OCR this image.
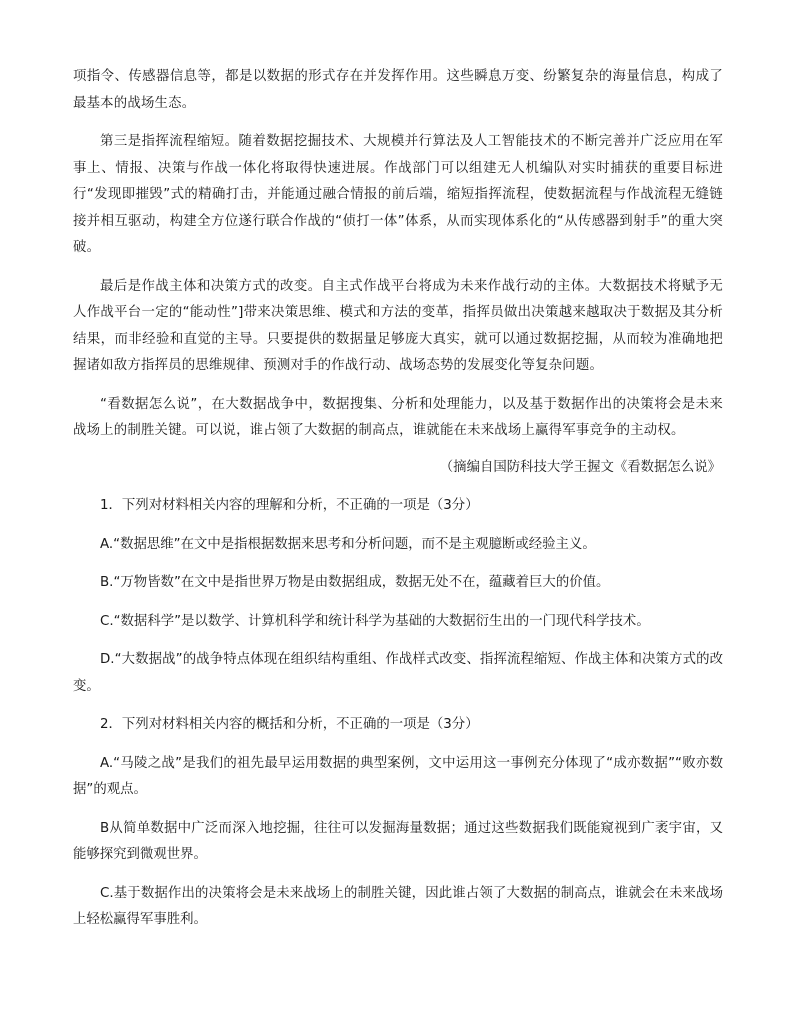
项指令、传感器信息等，都是以数据的形式存在并发挥作用。这些瞬息万变、纷繁复杂的海量信息，构成了最基本的战场生态。

第三是指挥流程缩短。随着数据挖掘技术、大规模并行算法及人工智能技术的不断完善并广泛应用在军事上、情报、决策与作战一体化将取得快速进展。作战部门可以组建无人机编队对实时捕获的重要目标进行“发现即摧毁”式的精确打击，并能通过融合情报的前后端，缩短指挥流程，使数据流程与作战流程无缝链接并相互驱动，构建全方位遂行联合作战的“侦打一体”体系，从而实现体系化的“从传感器到射手”的重大突破。

最后是作战主体和决策方式的改变。自主式作战平台将成为未来作战行动的主体。大数据技术将赋予无人作战平台一定的“能动性”]带来决策思维、模式和方法的变革，指挥员做出决策越来越取决于数据及其分析结果，而非经验和直觉的主导。只要提供的数据量足够庞大真实，就可以通过数据挖掘，从而较为准确地把握诸如敌方指挥员的思维规律、预测对手的作战行动、战场态势的发展变化等复杂问题。

“看数据怎么说”，在大数据战争中，数据搜集、分析和处理能力，以及基于数据作出的决策将会是未来战场上的制胜关键。可以说，谁占领了大数据的制高点，谁就能在未来战场上赢得军事竞争的主动权。

（摘编自国防科技大学王握文《看数据怎么说》

1．下列对材料相关内容的理解和分析，不正确的一项是（3分）

A.“数据思维”在文中是指根据数据来思考和分析问题，而不是主观臆断或经验主义。

B.“万物皆数”在文中是指世界万物是由数据组成，数据无处不在，蕴藏着巨大的价值。

C.“数据科学”是以数学、计算机科学和统计科学为基础的大数据衍生出的一门现代科学技术。

D.“大数据战”的战争特点体现在组织结构重组、作战样式改变、指挥流程缩短、作战主体和决策方式的改变。

2．下列对材料相关内容的概括和分析，不正确的一项是（3分）

A.“马陵之战”是我们的祖先最早运用数据的典型案例，文中运用这一事例充分体现了“成亦数据”“败亦数据”的观点。

B从简单数据中广泛而深入地挖掘，往往可以发掘海量数据；通过这些数据我们既能窥视到广袤宇宙，又能够探究到微观世界。

C.基于数据作出的决策将会是未来战场上的制胜关键，因此谁占领了大数据的制高点，谁就会在未来战场上轻松赢得军事胜利。
